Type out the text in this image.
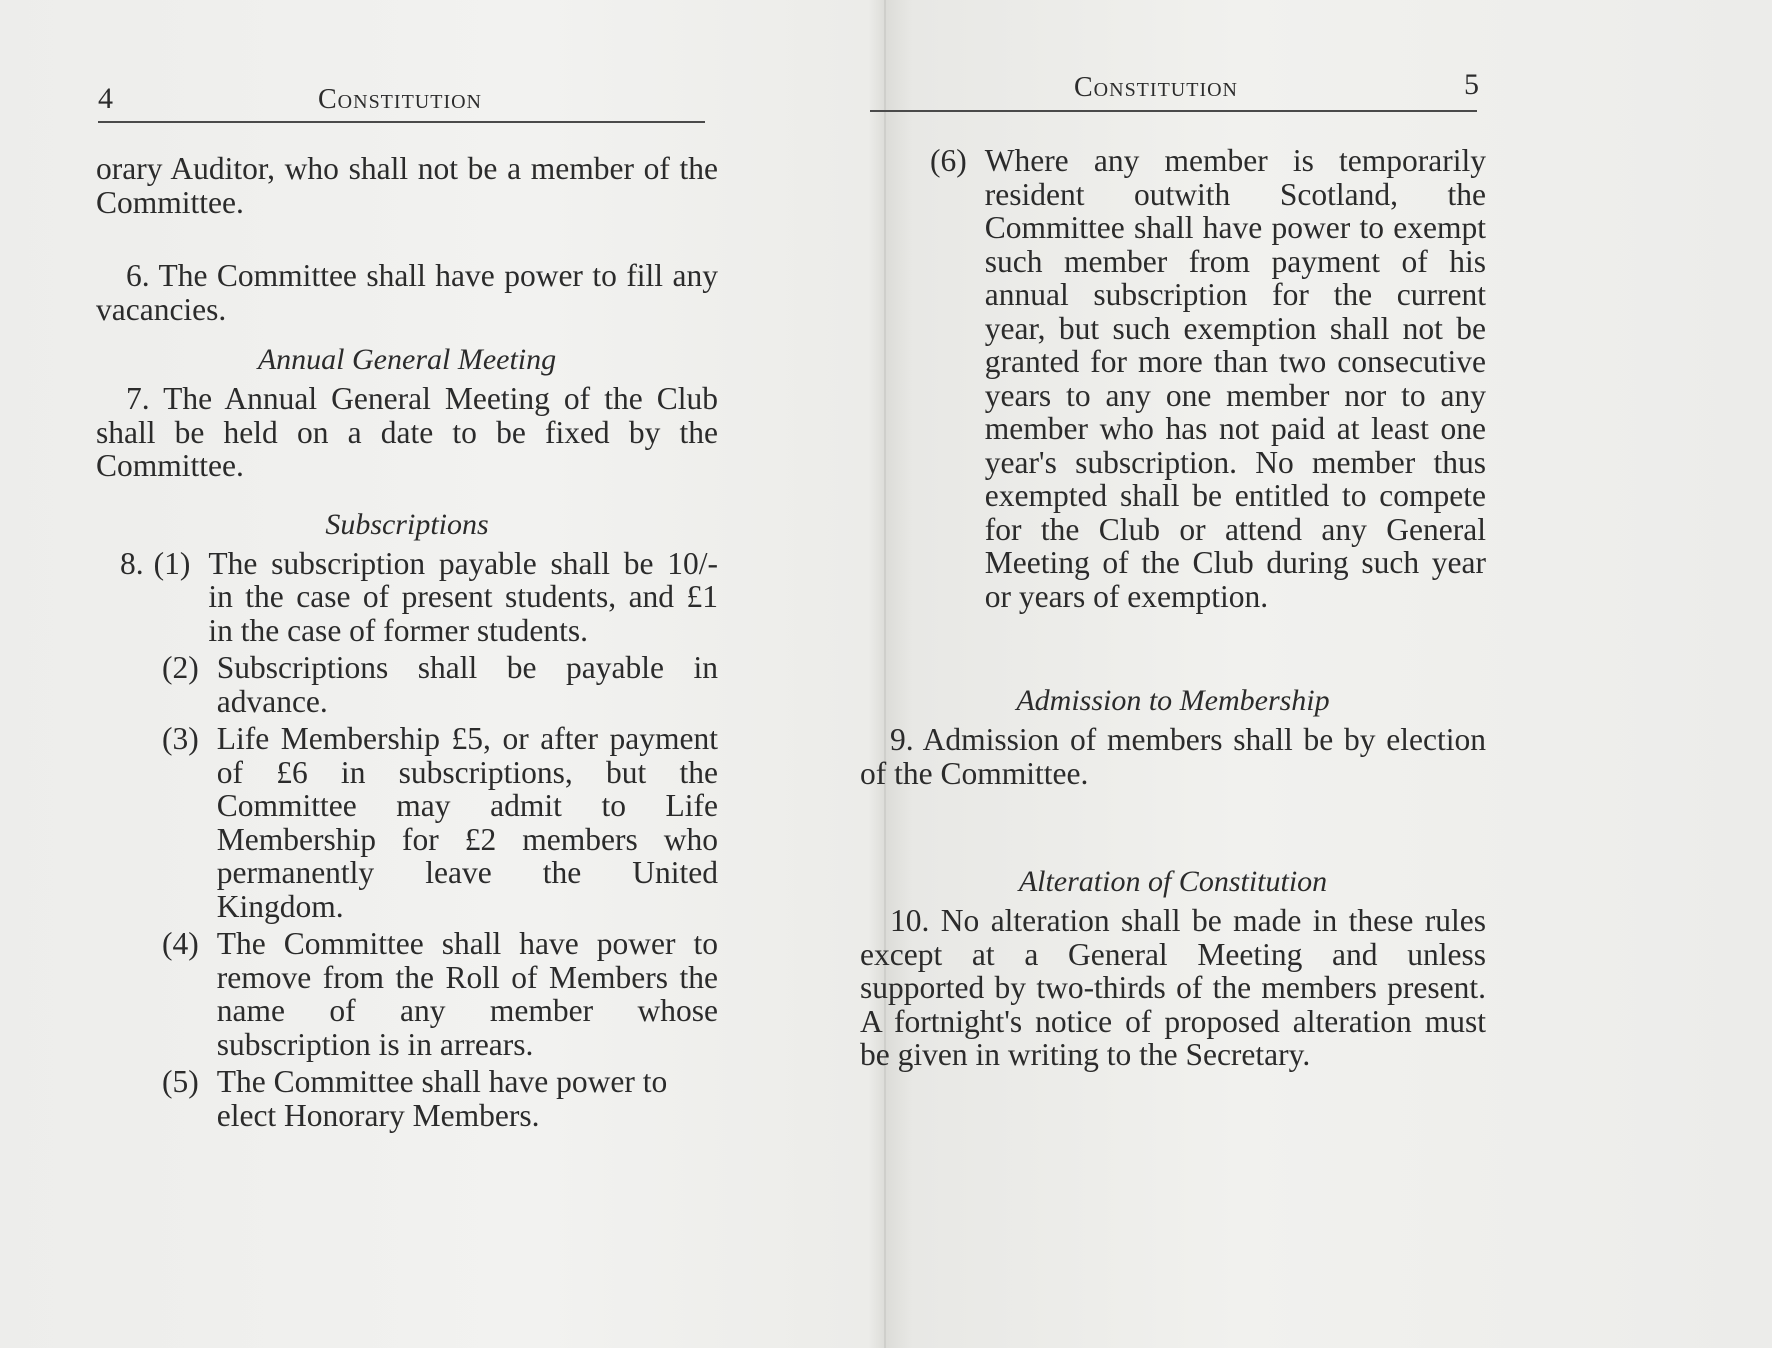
4	Constitution

orary Auditor, who shall not be a member of the Committee.

6. The Committee shall have power to fill any vacancies.

Annual General Meeting

7. The Annual General Meeting of the Club shall be held on a date to be fixed by the Committee.

Subscriptions

8. (1) The subscription payable shall be 10/- in the case of present students, and £1 in the case of former students.
(2) Subscriptions shall be payable in advance.
(3) Life Membership £5, or after payment of £6 in subscriptions, but the Committee may admit to Life Membership for £2 members who permanently leave the United Kingdom.
(4) The Committee shall have power to remove from the Roll of Members the name of any member whose subscription is in arrears.
(5) The Committee shall have power to elect Honorary Members.
Constitution	5
(6) Where any member is temporarily resident outwith Scotland, the Committee shall have power to exempt such member from payment of his annual subscription for the current year, but such exemption shall not be granted for more than two consecutive years to any one member nor to any member who has not paid at least one year's subscription. No member thus exempted shall be entitled to compete for the Club or attend any General Meeting of the Club during such year or years of exemption.

Admission to Membership

9. Admission of members shall be by election of the Committee.

Alteration of Constitution

10. No alteration shall be made in these rules except at a General Meeting and unless supported by two-thirds of the members present. A fortnight's notice of proposed alteration must be given in writing to the Secretary.
